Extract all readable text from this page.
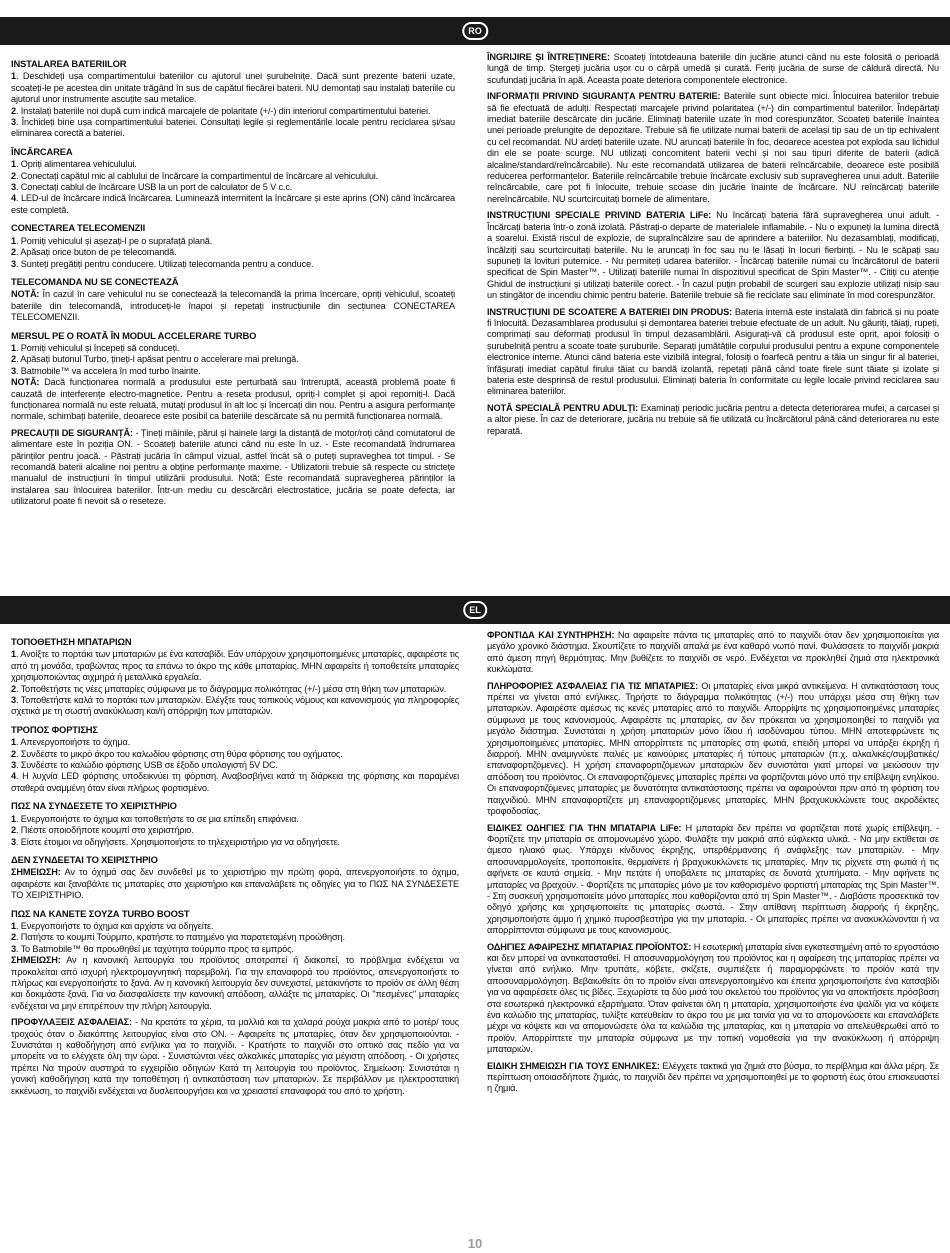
RO
INSTALAREA BATERIILOR

1. Deschideți ușa compartimentului bateriilor cu ajutorul unei șurubelnițe. Dacă sunt prezente baterii uzate, scoateți-le pe acestea din unitate trăgând în sus de capătul fiecărei baterii. NU demontați sau instalați bateriile cu ajutorul unor instrumente ascuțite sau metalice.

2. Instalați bateriile noi după cum indică marcajele de polaritate (+/-) din interiorul compartimentului bateriei.

3. Închideți bine ușa compartimentului bateriei. Consultați legile și reglementările locale pentru reciclarea și/sau eliminarea corectă a bateriei.

ÎNCĂRCAREA

1. Opriți alimentarea vehiculului.

2. Conectați capătul mic al cablului de încărcare la compartimentul de încărcare al vehiculului.

3. Conectați cablul de încărcare USB la un port de calculator de 5 V c.c.

4. LED-ul de încărcare indică încărcarea. Luminează intermitent la încărcare și este aprins (ON) când încărcarea este completă.

CONECTAREA TELECOMENZII

1. Porniți vehiculul și așezați-l pe o suprafață plană.

2. Apăsați orice buton de pe telecomandă.

3. Sunteți pregătiți pentru conducere. Utilizați telecomanda pentru a conduce.

TELECOMANDA NU SE CONECTEAZĂ

NOTĂ: În cazul în care vehiculul nu se conectează la telecomandă la prima încercare, opriți vehiculul, scoateți bateriile din telecomandă, introduceți-le înapoi și repetați instrucțiunile din secțiunea CONECTAREA TELECOMENZII.

MERSUL PE O ROATĂ ÎN MODUL ACCELERARE TURBO

1. Porniți vehiculul și începeți să conduceți.

2. Apăsați butonul Turbo, țineți-l apăsat pentru o accelerare mai prelungă.

3. Batmobile™ va accelera în mod turbo înainte.

NOTĂ: Dacă funcționarea normală a produsului este perturbată sau întreruptă, această problemă poate fi cauzată de interferențe electro-magnetice. Pentru a reseta produsul, opriți-l complet și apoi reporniți-l. Dacă funcționarea normală nu este reluată, mutați produsul în alt loc și încercați din nou. Pentru a asigura performanțe normale, schimbați bateriile, deoarece este posibil ca bateriile descărcate să nu permită funcționarea normală.

PRECAUȚII DE SIGURANȚĂ: - Țineți mâinile, părul și hainele largi la distanță de motor/roți când comutatorul de alimentare este în poziția ON. - Scoateți bateriile atunci când nu este în uz. - Este recomandată îndrumarea părinților pentru joacă. - Păstrați jucăria în câmpul vizual, astfel încât să o puteți supraveghea tot timpul. - Se recomandă baterii alcaline noi pentru a obține performanțe maxime. - Utilizatorii trebuie să respecte cu strictețe manualul de instrucțiuni în timpul utilizării produsului. Notă: Este recomandată supravegherea părinților la instalarea sau înlocuirea bateriilor. Într-un mediu cu descărcări electrostatice, jucăria se poate defecta, iar utilizatorul poate fi nevoit să o reseteze.

ÎNGRIJIRE ȘI ÎNTREȚINERE: Scoateți întotdeauna bateriile din jucărie atunci când nu este folosită o perioadă lungă de timp. Ștergeți jucăria ușor cu o cârpă umedă și curată. Feriți jucăria de surse de căldură directă. Nu scufundați jucăria în apă. Aceasta poate deteriora componentele electronice.

INFORMAȚII PRIVIND SIGURANȚA PENTRU BATERIE: Bateriile sunt obiecte mici. Înlocuirea bateriilor trebuie să fie efectuată de adulți. Respectați marcajele privind polaritatea (+/-) din compartimentul bateriilor. Îndepărtați imediat bateriile descărcate din jucărie. Eliminați bateriile uzate în mod corespunzător. Scoateți bateriile înaintea unei perioade prelungite de depozitare. Trebuie să fie utilizate numai baterii de același tip sau de un tip echivalent cu cel recomandat. NU ardeți bateriile uzate. NU aruncați bateriile în foc, deoarece acestea pot exploda sau lichidul din ele se poate scurge. NU utilizați concomitent baterii vechi și noi sau tipuri diferite de baterii (adică alcaline/standard/reîncărcabile). Nu este recomandată utilizarea de baterii reîncărcabile, deoarece este posibilă reducerea performanțelor. Bateriile reîncărcabile trebuie încărcate exclusiv sub supravegherea unui adult. Bateriile reîncărcabile, care pot fi înlocuite, trebuie scoase din jucărie înainte de încărcare. NU reîncărcați bateriile nereîncărcabile. NU scurtcircuitați bornele de alimentare.

INSTRUCȚIUNI SPECIALE PRIVIND BATERIA LiFe: Nu încărcați bateria fără supravegherea unui adult. - Încărcați bateria într-o zonă izolată. Păstrați-o departe de materialele inflamabile. - Nu o expuneți la lumina directă a soarelui. Există riscul de explozie, de supraîncălzire sau de aprindere a bateriilor. Nu dezasamblați, modificați, încălziți sau scurtcircuitați bateriile. Nu le aruncați în foc sau nu le lăsați în locuri fierbinți. - Nu le scăpați sau supuneți la lovituri puternice. - Nu permiteți udarea bateriilor. - Încărcați bateriile numai cu încărcătorul de baterii specificat de Spin Master™. - Utilizați bateriile numai în dispozitivul specificat de Spin Master™. - Citiți cu atenție Ghidul de instrucțiuni și utilizați bateriile corect. - În cazul puțin probabil de scurgeri sau explozie utilizați nisip sau un stingător de incendiu chimic pentru baterie. Bateriile trebuie să fie reciclate sau eliminate în mod corespunzător.

INSTRUCȚIUNI DE SCOATERE A BATERIEI DIN PRODUS: Bateria internă este instalată din fabrică și nu poate fi înlocuită. Dezasamblarea produsului și demontarea bateriei trebuie efectuate de un adult. Nu găuriți, tăiați, rupeți, comprimați sau deformați produsul în timpul dezasamblării. Asigurați-vă că produsul este oprit, apoi folosiți o șurubelniță pentru a scoate toate șuruburile. Separați jumătățile corpului produsului pentru a expune componentele electronice interne. Atunci când bateria este vizibilă integral, folosiți o foarfecă pentru a tăia un singur fir al bateriei, înfășurați imediat capătul firului tăiat cu bandă izolantă, repetați până când toate firele sunt tăiate și izolate și bateria este desprinsă de restul produsului. Eliminați bateria în conformitate cu legile locale privind reciclarea sau eliminarea bateriilor.

NOTĂ SPECIALĂ PENTRU ADULȚI: Examinați periodic jucăria pentru a detecta deteriorarea mufei, a carcasei și a altor piese. În caz de deteriorare, jucăria nu trebuie să fie utilizată cu încărcătorul până când deteriorarea nu este reparată.

EL
ΤΟΠΟΘΕΤΗΣΗ ΜΠΑΤΑΡΙΩΝ

1. Ανοίξτε το πορτάκι των μπαταριών με ένα κατσαβίδι. Εάν υπάρχουν χρησιμοποιημένες μπαταρίες, αφαιρέστε τις από τη μονάδα, τραβώντας προς τα επάνω το άκρο της κάθε μπαταρίας. ΜΗΝ αφαιρείτε ή τοποθετείτε μπαταρίες χρησιμοποιώντας αιχμηρά ή μεταλλικά εργαλεία.

2. Τοποθετήστε τις νέες μπαταρίες σύμφωνα με το διάγραμμα πολικότητας (+/-) μέσα στη θήκη των μπαταριών.

3. Τοποθετήστε καλά το πορτάκι των μπαταριών. Ελέγξτε τους τοπικούς νόμους και κανονισμούς για πληροφορίες σχετικά με τη σωστή ανακύκλωση και/ή απόρριψη των μπαταριών.

ΤΡΟΠΟΣ ΦΟΡΤΙΣΗΣ

1. Απενεργοποιήστε το όχημα.

2. Συνδέστε το μικρό άκρο του καλωδίου φόρτισης στη θύρα φόρτισης του οχήματος.

3. Συνδέστε το καλώδιο φόρτισης USB σε έξοδο υπολογιστή 5V DC.

4. Η λυχνία LED φόρτισης υποδεικνύει τη φόρτιση. Αναβοσβήνει κατά τη διάρκεια της φόρτισης και παραμένει σταθερά αναμμένη όταν είναι πλήρως φορτισμένο.

ΠΩΣ ΝΑ ΣΥΝΔΕΣΕΤΕ ΤΟ ΧΕΙΡΙΣΤΗΡΙΟ

1. Ενεργοποιήστε το όχημα και τοποθετήστε το σε μια επίπεδη επιφάνεια.

2. Πιέστε οποιοδήποτε κουμπί στο χειριστήριο.

3. Είστε έτοιμοι να οδηγήσετε. Χρησιμοποιήστε το τηλεχειριστήριο για να οδηγήσετε.

ΔΕΝ ΣΥΝΔΕΕΤΑΙ ΤΟ ΧΕΙΡΙΣΤΗΡΙΟ

ΣΗΜΕΙΩΣΗ: Αν το όχημά σας δεν συνδεθεί με το χειριστήριο την πρώτη φορά, απενεργοποιήστε το όχημα, αφαιρέστε και ξαναβάλτε τις μπαταρίες στο χειριστήριο και επαναλάβετε τις οδηγίες για το ΠΩΣ ΝΑ ΣΥΝΔΕΣΕΤΕ ΤΟ ΧΕΙΡΙΣΤΗΡΙΟ.

ΠΩΣ ΝΑ ΚΑΝΕΤΕ ΣΟΥΖΑ TURBO BOOST

1. Ενεργοποιήστε το όχημα και αρχίστε να οδηγείτε.

2. Πατήστε το κουμπί Τούρμπο, κρατήστε το πατημένο για παρατεταμένη προώθηση.

3. Το Batmobile™ θα προωθηθεί με ταχύτητα τούρμπο προς τα εμπρός.

ΣΗΜΕΙΩΣΗ: Αν η κανονική λειτουργία του προϊόντος αποτραπεί ή διακοπεί, το πρόβλημα ενδέχεται να προκαλείται από ισχυρή ηλεκτρομαγνητική παρεμβολή. Για την επαναφορά του προϊόντος, απενεργοποιήστε το πλήρως και ενεργοποιήστε το ξανά. Αν η κανονική λειτουργία δεν συνεχιστεί, μετακινήστε το προϊόν σε άλλη θέση και δοκιμάστε ξανά. Για να διασφαλίσετε την κανονική απόδοση, αλλάξτε τις μπαταρίες. Οι "πεσμένες" μπαταρίες ενδέχεται να μην επιτρέπουν την πλήρη λειτουργία.

ΠΡΟΦΥΛΑΞΕΙΣ ΑΣΦΑΛΕΙΑΣ: - Να κρατάτε τα χέρια, τα μαλλιά και τα χαλαρά ρούχα μακριά από το μοτέρ/ τους τροχούς όταν ο διακόπτης λειτουργίας είναι στο ON. - Αφαιρείτε τις μπαταρίες, όταν δεν χρησιμοποιούνται. - Συνιστάται η καθοδήγηση από ενήλικα για το παιχνίδι. - Κρατήστε το παιχνίδι στο οπτικό σας πεδίο για να μπορείτε να το ελέγχετε όλη την ώρα. - Συνιστώνται νέες αλκαλικές μπαταρίες για μέγιστη απόδοση. - Οι χρήστες πρέπει Να τηρούν αυστηρά το εγχειρίδιο οδηγιών Κατά τη λειτουργία του προϊόντος. Σημείωση: Συνιστάται η γονική καθοδήγηση κατά την τοποθέτηση ή αντικατάσταση των μπαταριών. Σε περιβάλλον με ηλεκτροστατική εκκένωση, το παιχνίδι ενδέχεται να δυσλειτουργήσει και να χρειαστεί επαναφορά του από το χρήστη.

ΦΡΟΝΤΙΔΑ ΚΑΙ ΣΥΝΤΗΡΗΣΗ: Να αφαιρείτε πάντα τις μπαταρίες από το παιχνίδι όταν δεν χρησιμοποιείται για μεγάλο χρονικό διάστημα. Σκουπίζετε το παιχνίδι απαλά με ένα καθαρό νωπό πανί. Φυλάσσετε το παιχνίδι μακριά από άμεση πηγή θερμότητας. Μην βυθίζετε το παιχνίδι σε νερό. Ενδέχεται να προκληθεί ζημιά στα ηλεκτρονικά κυκλώματα.

ΠΛΗΡΟΦΟΡΙΕΣ ΑΣΦΑΛΕΙΑΣ ΓΙΑ ΤΙΣ ΜΠΑΤΑΡΙΕΣ: Οι μπαταρίες είναι μικρά αντικείμενα. Η αντικατάσταση τους πρέπει να γίνεται από ενήλικες. Τηρήστε το διάγραμμα πολικότητας (+/-) που υπάρχει μέσα στη θήκη των μπαταριών. Αφαιρέστε αμέσως τις κενές μπαταρίες από το παιχνίδι. Απορρίψτε τις χρησιμοποιημένες μπαταρίες σύμφωνα με τους κανονισμούς. Αφαιρέστε τις μπαταρίες, αν δεν πρόκειται να χρησιμοποιηθεί το παιχνίδι για μεγάλο διάστημα. Συνιστάται η χρήση μπαταριών μόνο ίδιου ή ισοδύναμου τύπου. ΜΗΝ αποτεφρώνετε τις χρησιμοποιημένες μπαταρίες. ΜΗΝ απορρίπτετε τις μπαταρίες στη φωτιά, επειδή μπορεί να υπάρξει έκρηξη ή διαρροή. ΜΗΝ αναμιγνύετε παλιές με καινούριες μπαταρίες ή τύπους μπαταριών (π.χ. αλκαλικές/συμβατικές/επαναφορτιζόμενες). Η χρήση επαναφορτιζόμενων μπαταριών δεν συνιστάται γιατί μπορεί να μειώσουν την απόδοση του προϊόντος. Οι επαναφορτιζόμενες μπαταρίες πρέπει να φορτίζονται μόνο υπό την επίβλεψη ενηλίκου. Οι επαναφορτιζόμενες μπαταρίες με δυνατότητα αντικατάστασης πρέπει να αφαιρούνται πριν από τη φόρτιση του παιχνιδιού. ΜΗΝ επαναφορτίζετε μη επαναφορτιζόμενες μπαταρίες. ΜΗΝ βραχυκυκλώνετε τους ακροδέκτες τροφοδοσίας.

ΕΙΔΙΚΕΣ ΟΔΗΓΙΕΣ ΓΙΑ ΤΗΝ ΜΠΑΤΑΡΙΑ LiFe: Η μπαταρία δεν πρέπει να φορτίζεται ποτέ χωρίς επίβλεψη. - Φορτίζετε την μπαταρία σε απομονωμένο χώρο. Φυλάξτε την μακριά από εύφλεκτα υλικά. - Να μην εκτίθεται σε άμεσο ηλιακό φως. Υπάρχει κίνδυνος έκρηξης, υπερθέρμανσης ή ανάφλεξης των μπαταριών. - Μην αποσυναρμολογείτε, τροποποιείτε, θερμαίνετε ή βραχυκυκλώνετε τις μπαταρίες. Μην τις ρίχνετε στη φωτιά ή τις αφήνετε σε καυτά σημεία. - Μην πετάτε ή υποβάλετε τις μπαταρίες σε δυνατά χτυπήματα. - Μην αφήνετε τις μπαταρίες να βραχούν. - Φορτίζετε τις μπαταρίες μόνο με τον καθορισμένο φορτιστή μπαταρίας της Spin Master™. - Στη συσκευή χρησιμοποιείτε μόνο μπαταρίες που καθορίζονται από τη Spin Master™. - Διαβάστε προσεκτικά τον οδηγό χρήσης και χρησιμοποιείτε τις μπαταρίες σωστά. - Στην απίθανη περίπτωση διαρροής ή έκρηξης, χρησιμοποιήστε άμμο ή χημικό πυροσβεστήρα για την μπαταρία. - Οι μπαταρίες πρέπει να ανακυκλώνονται ή να απορρίπτονται σύμφωνα με τους κανονισμούς.

ΟΔΗΓΙΕΣ ΑΦΑΙΡΕΣΗΣ ΜΠΑΤΑΡΙΑΣ ΠΡΟΪΟΝΤΟΣ: Η εσωτερική μπαταρία είναι εγκατεστημένη από το εργοστάσιο και δεν μπορεί να αντικατασταθεί. Η αποσυναρμολόγηση του προϊόντος και η αφαίρεση της μπαταρίας πρέπει να γίνεται από ενήλικο. Μην τρυπάτε, κόβετε, σκίζετε, συμπιέζετε ή παραμορφώνετε το προϊόν κατά την αποσυναρμολόγηση. Βεβαιωθείτε ότι το προϊόν είναι απενεργοποιημένο και έπειτα χρησιμοποιήστε ένα κατσαβίδι για να αφαιρέσετε όλες τις βίδες. Ξεχωρίστε τα δύο μισά του σκελετού του προϊόντος για να αποκτήσετε πρόσβαση στα εσωτερικά ηλεκτρονικά εξαρτήματα. Όταν φαίνεται όλη η μπαταρία, χρησιμοποιήστε ένα ψαλίδι για να κόψετε ένα καλώδιο της μπαταρίας, τυλίξτε κατευθείαν το άκρο του με μια ταινία για να το απομονώσετε και επαναλάβετε μέχρι να κόψετε και να απομονώσετε όλα τα καλώδια της μπαταρίας, και η μπαταρία να απελευθερωθεί από το προϊόν. Απορρίπτετε την μπαταρία σύμφωνα με την τοπική νομοθεσία για την ανακύκλωση ή απόρριψη μπαταριών.

ΕΙΔΙΚΗ ΣΗΜΕΙΩΣΗ ΓΙΑ ΤΟΥΣ ΕΝΗΛΙΚΕΣ: Ελέγχετε τακτικά για ζημιά στο βύσμα, το περίβλημα και άλλα μέρη. Σε περίπτωση οποιασδήποτε ζημιάς, το παιχνίδι δεν πρέπει να χρησιμοποιηθεί με το φορτιστή έως ότου επισκευαστεί η ζημιά.

10
